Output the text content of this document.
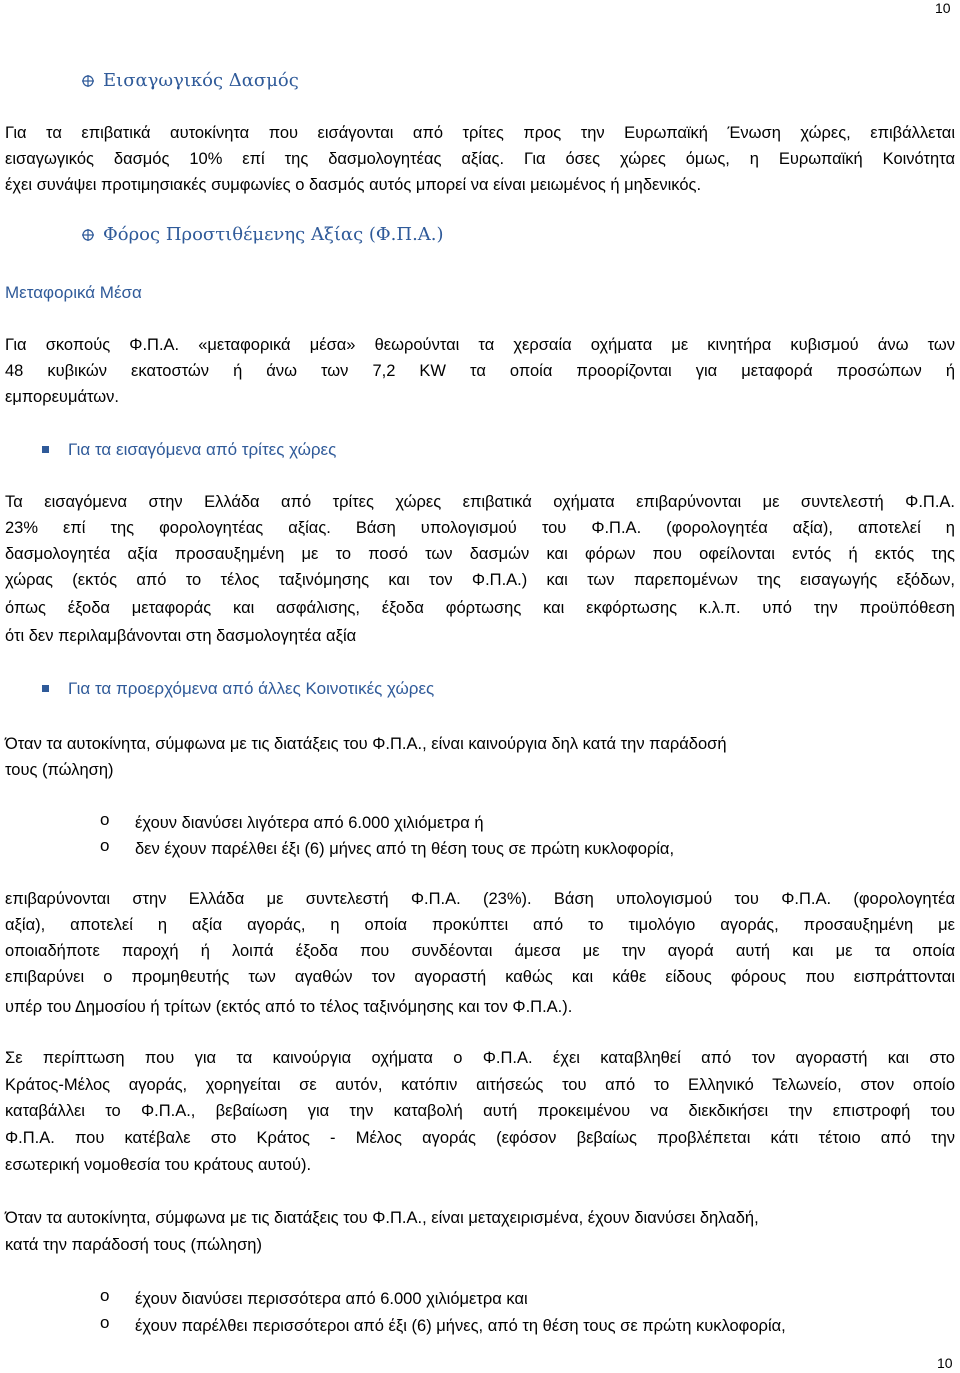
10
10
Εισαγωγικός Δασμός
Για τα επιβατικά αυτοκίνητα που εισάγονται από τρίτες προς την Ευρωπαϊκή Ένωση χώρες, επιβάλλεται
εισαγωγικός δασμός 10% επί της δασμολογητέας αξίας. Για όσες χώρες όμως, η Ευρωπαϊκή Κοινότητα
έχει συνάψει προτιμησιακές συμφωνίες ο δασμός αυτός μπορεί να είναι μειωμένος ή μηδενικός.
Φόρος Προστιθέμενης Αξίας (Φ.Π.Α.)
Μεταφορικά Μέσα
Για σκοπούς Φ.Π.Α. «μεταφορικά μέσα» θεωρούνται τα χερσαία οχήματα με κινητήρα κυβισμού άνω των
48 κυβικών εκατοστών ή άνω των 7,2 KW τα οποία προορίζονται για μεταφορά προσώπων ή
εμπορευμάτων.
Για τα εισαγόμενα από τρίτες χώρες
Τα εισαγόμενα στην Ελλάδα από τρίτες χώρες επιβατικά οχήματα επιβαρύνονται με συντελεστή Φ.Π.Α.
23% επί της φορολογητέας αξίας. Βάση υπολογισμού του Φ.Π.Α. (φορολογητέα αξία), αποτελεί η
δασμολογητέα αξία προσαυξημένη με το ποσό των δασμών και φόρων που οφείλονται εντός ή εκτός της
χώρας (εκτός από το τέλος ταξινόμησης και τον Φ.Π.Α.) και των παρεπομένων της εισαγωγής εξόδων,
όπως έξοδα μεταφοράς και ασφάλισης, έξοδα φόρτωσης και εκφόρτωσης κ.λ.π. υπό την προϋπόθεση
ότι δεν περιλαμβάνονται στη δασμολογητέα αξία
Για τα προερχόμενα από άλλες Κοινοτικές χώρες
Όταν τα αυτοκίνητα, σύμφωνα με τις διατάξεις του Φ.Π.Α., είναι καινούργια δηλ κατά την παράδοσή
τους (πώληση)
o έχουν διανύσει λιγότερα από 6.000 χιλιόμετρα ή
o δεν έχουν παρέλθει έξι (6) μήνες από τη θέση τους σε πρώτη κυκλοφορία,
επιβαρύνονται στην Ελλάδα με συντελεστή Φ.Π.Α. (23%). Βάση υπολογισμού του Φ.Π.Α. (φορολογητέα
αξία), αποτελεί η αξία αγοράς, η οποία προκύπτει από το τιμολόγιο αγοράς, προσαυξημένη με
οποιαδήποτε παροχή ή λοιπά έξοδα που συνδέονται άμεσα με την αγορά αυτή και με τα οποία
επιβαρύνει ο προμηθευτής των αγαθών τον αγοραστή καθώς και κάθε είδους φόρους που εισπράττονται
υπέρ του Δημοσίου ή τρίτων (εκτός από το τέλος ταξινόμησης και τον Φ.Π.Α.).
Σε περίπτωση που για τα καινούργια οχήματα ο Φ.Π.Α. έχει καταβληθεί από τον αγοραστή και στο
Κράτος-Μέλος αγοράς, χορηγείται σε αυτόν, κατόπιν αιτήσεώς του από το Ελληνικό Τελωνείο, στον οποίο
καταβάλλει το Φ.Π.Α., βεβαίωση για την καταβολή αυτή προκειμένου να διεκδικήσει την επιστροφή του
Φ.Π.Α. που κατέβαλε στο Κράτος - Μέλος αγοράς (εφόσον βεβαίως προβλέπεται κάτι τέτοιο από την
εσωτερική νομοθεσία του κράτους αυτού).
Όταν τα αυτοκίνητα, σύμφωνα με τις διατάξεις του Φ.Π.Α., είναι μεταχειρισμένα, έχουν διανύσει δηλαδή,
κατά την παράδοσή τους (πώληση)
o έχουν διανύσει περισσότερα από 6.000 χιλιόμετρα και
o έχουν παρέλθει περισσότεροι από έξι (6) μήνες, από τη θέση τους σε πρώτη κυκλοφορία,
